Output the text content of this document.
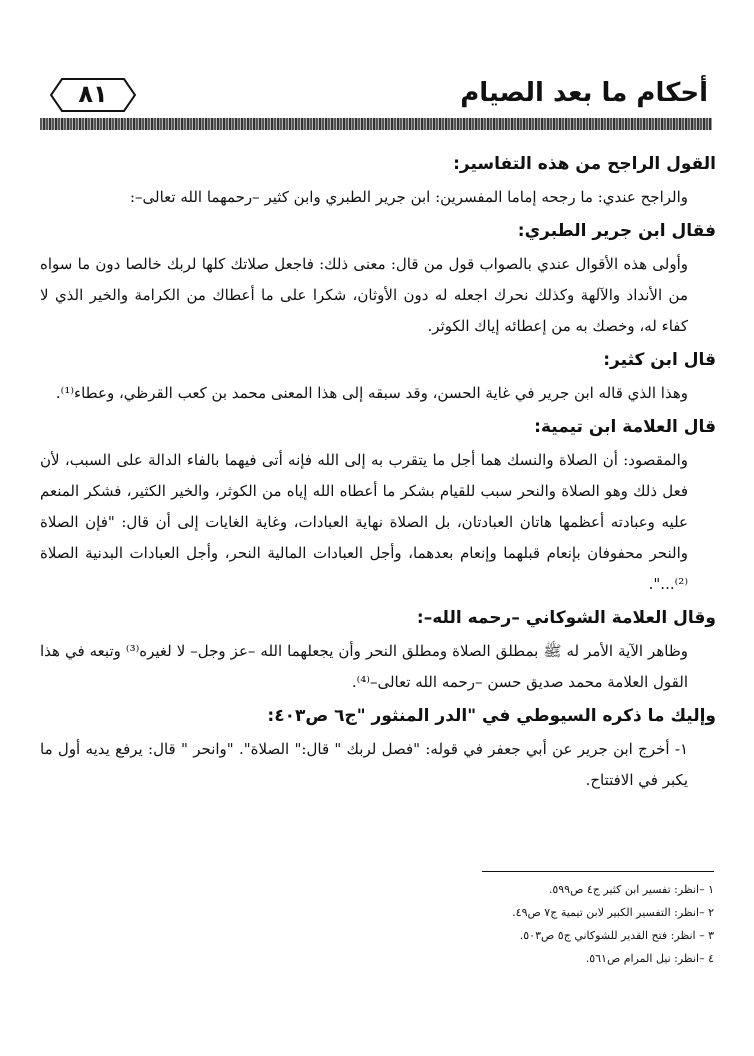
أحكام ما بعد الصيام
٨١
القول الراجح من هذه التفاسير:
والراجح عندي: ما رجحه إماما المفسرين: ابن جرير الطبري وابن كثير –رحمهما الله تعالى–:
فقال ابن جرير الطبري:
وأولى هذه الأقوال عندي بالصواب قول من قال: معنى ذلك: فاجعل صلاتك كلها لربك خالصا دون ما سواه من الأنداد والآلهة وكذلك نحرك اجعله له دون الأوثان، شكرا على ما أعطاك من الكرامة والخير الذي لا كفاء له، وخصك به من إعطائه إياك الكوثر.
قال ابن كثير:
وهذا الذي قاله ابن جرير في غاية الحسن، وقد سبقه إلى هذا المعنى محمد بن كعب القرظي، وعطاء⁽¹⁾.
قال العلامة ابن تيمية:
والمقصود: أن الصلاة والنسك هما أجل ما يتقرب به إلى الله فإنه أتى فيهما بالفاء الدالة على السبب، لأن فعل ذلك وهو الصلاة والنحر سبب للقيام بشكر ما أعطاه الله إياه من الكوثر، والخير الكثير، فشكر المنعم عليه وعبادته أعظمها هاتان العبادتان، بل الصلاة نهاية العبادات، وغاية الغايات إلى أن قال: "فإن الصلاة والنحر محفوفان بإنعام قبلهما وإنعام بعدهما، وأجل العبادات المالية النحر، وأجل العبادات البدنية الصلاة ⁽²⁾...".
وقال العلامة الشوكاني –رحمه الله–:
وظاهر الآية الأمر له ﷺ بمطلق الصلاة ومطلق النحر وأن يجعلهما الله –عز وجل– لا لغيره⁽³⁾ وتبعه في هذا القول العلامة محمد صديق حسن –رحمه الله تعالى–⁽⁴⁾.
وإليك ما ذكره السيوطي في "الدر المنثور "ج٦ ص٤٠٣:
١- أخرج ابن جرير عن أبي جعفر في قوله: "فصل لربك " قال:" الصلاة". "وانحر " قال: يرفع يديه أول ما يكبر في الافتتاح.
١ –انظر: تفسير ابن كثير ج٤ ص٥٩٩.
٢ –انظر: التفسير الكبير لابن تيمية ج٧ ص٤٩.
٣ – انظر: فتح القدير للشوكاني ج٥ ص٥٠٣.
٤ –انظر: نيل المرام ص٥٦١.
